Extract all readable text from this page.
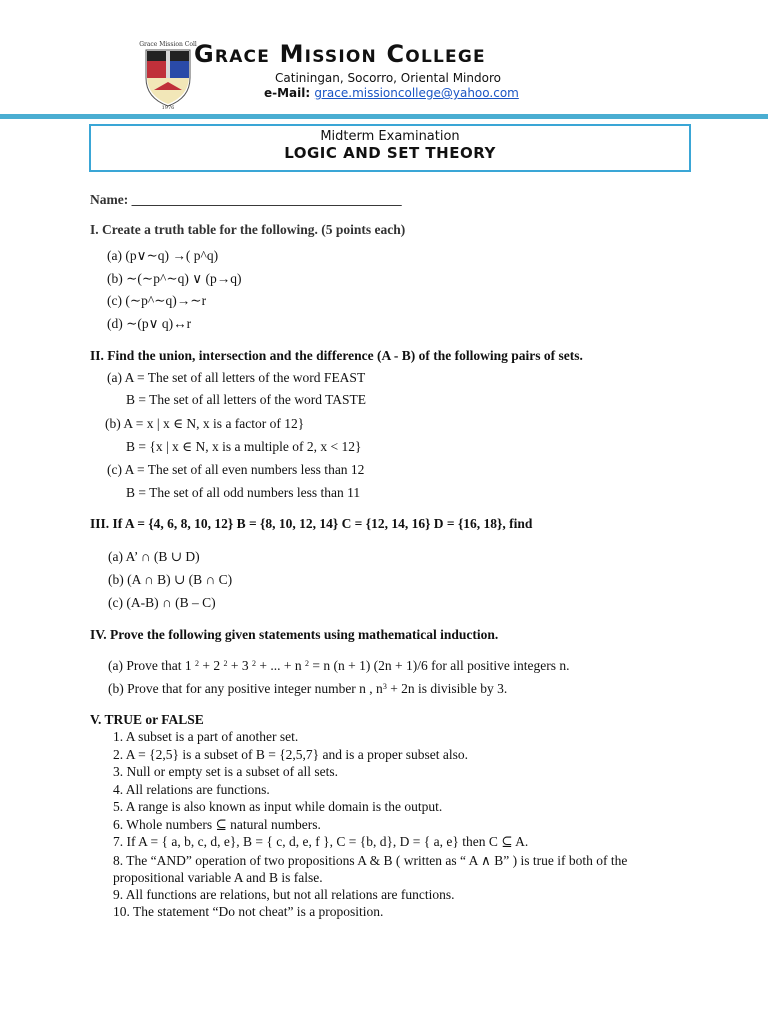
Grace Mission Coll
1976
Grace Mission College
Catiningan, Socorro, Oriental Mindoro
e-Mail: grace.missioncollege@yahoo.com
Midterm Examination
LOGIC AND SET THEORY
Name: ________________________________________
I. Create a truth table for the following. (5 points each)
(a) (p∨∼q) →( p^q)
(b) ∼(∼p^∼q) ∨ (p→q)
(c) (∼p^∼q)→∼r
(d) ∼(p∨ q)↔r
II. Find the union, intersection and the difference (A - B) of the following pairs of sets.
(a) A = The set of all letters of the word FEAST
B = The set of all letters of the word TASTE
(b) A = x | x ∈ N, x is a factor of 12}
B = {x | x ∈ N, x is a multiple of 2, x < 12}
(c) A = The set of all even numbers less than 12
B = The set of all odd numbers less than 11
III. If A = {4, 6, 8, 10, 12} B = {8, 10, 12, 14} C = {12, 14, 16} D = {16, 18}, find
(a) A’ ∩ (B ∪ D)
(b) (A ∩ B) ∪ (B ∩ C)
(c) (A-B) ∩ (B – C)
IV. Prove the following given statements using mathematical induction.
(a) Prove that 1 $^2$ + 2 $^2$ + 3 $^2$ + ... + n $^2$ = n (n + 1) (2n + 1)/6 for all positive integers n.
(b) Prove that for any positive integer number n , $n^3 + 2n$ is divisible by 3.
V. TRUE or FALSE
1. A subset is a part of another set.
2. A = {2,5} is a subset of B = {2,5,7} and is a proper subset also.
3. Null or empty set is a subset of all sets.
4. All relations are functions.
5. A range is also known as input while domain is the output.
6. Whole numbers ⊆ natural numbers.
7. If A = { a, b, c, d, e}, B = { c, d, e, f }, C = {b, d}, D = { a, e} then C ⊆ A.
8. The “AND” operation of two propositions A & B ( written as “ A ∧ B” ) is true if both of the propositional variable A and B is false.
9. All functions are relations, but not all relations are functions.
10. The statement “Do not cheat” is a proposition.
